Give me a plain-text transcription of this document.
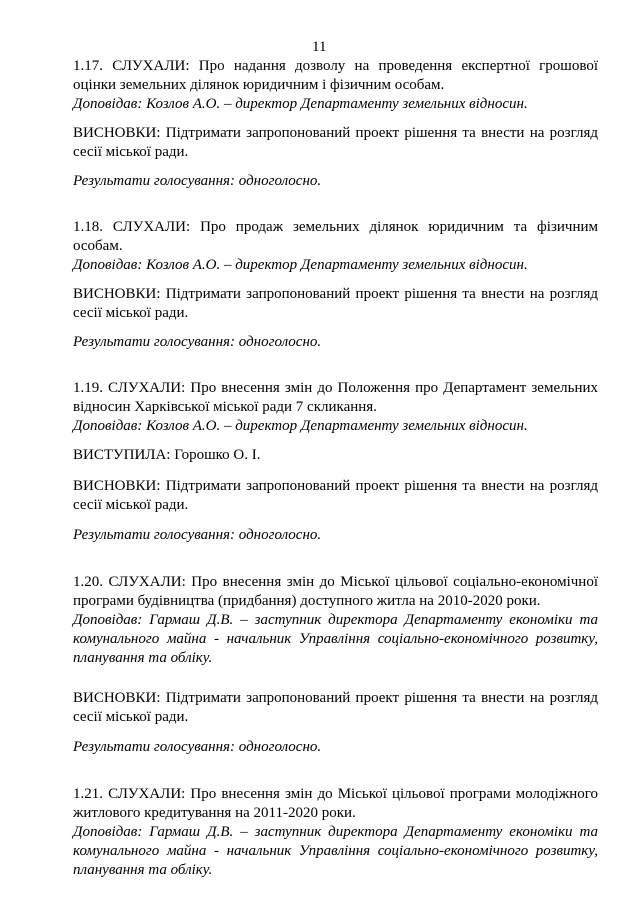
11

1.17. СЛУХАЛИ: Про надання дозволу на проведення експертної грошової оцінки земельних ділянок юридичним і фізичним особам.

Доповідав: Козлов А.О. – директор Департаменту земельних відносин.

ВИСНОВКИ: Підтримати запропонований проект рішення та внести на розгляд сесії міської ради.

Результати голосування: одноголосно.

1.18. СЛУХАЛИ: Про продаж земельних ділянок юридичним та фізичним особам.

Доповідав: Козлов А.О. – директор Департаменту земельних відносин.

ВИСНОВКИ: Підтримати запропонований проект рішення та внести на розгляд сесії міської ради.

Результати голосування: одноголосно.

1.19. СЛУХАЛИ: Про внесення змін до Положення про Департамент земельних відносин Харківської міської ради 7 скликання.

Доповідав: Козлов А.О. – директор Департаменту земельних відносин.

ВИСТУПИЛА: Горошко О. І.

ВИСНОВКИ: Підтримати запропонований проект рішення та внести на розгляд сесії міської ради.

Результати голосування: одноголосно.

1.20. СЛУХАЛИ: Про внесення змін до Міської цільової соціально-економічної програми будівництва (придбання) доступного житла на 2010-2020 роки.

Доповідав: Гармаш Д.В. – заступник директора Департаменту економіки та комунального майна - начальник Управління соціально-економічного розвитку, планування та обліку.

ВИСНОВКИ: Підтримати запропонований проект рішення та внести на розгляд сесії міської ради.

Результати голосування: одноголосно.

1.21. СЛУХАЛИ: Про внесення змін до Міської цільової програми молодіжного житлового кредитування на 2011-2020 роки.

Доповідав: Гармаш Д.В. – заступник директора Департаменту економіки та комунального майна - начальник Управління соціально-економічного розвитку, планування та обліку.
